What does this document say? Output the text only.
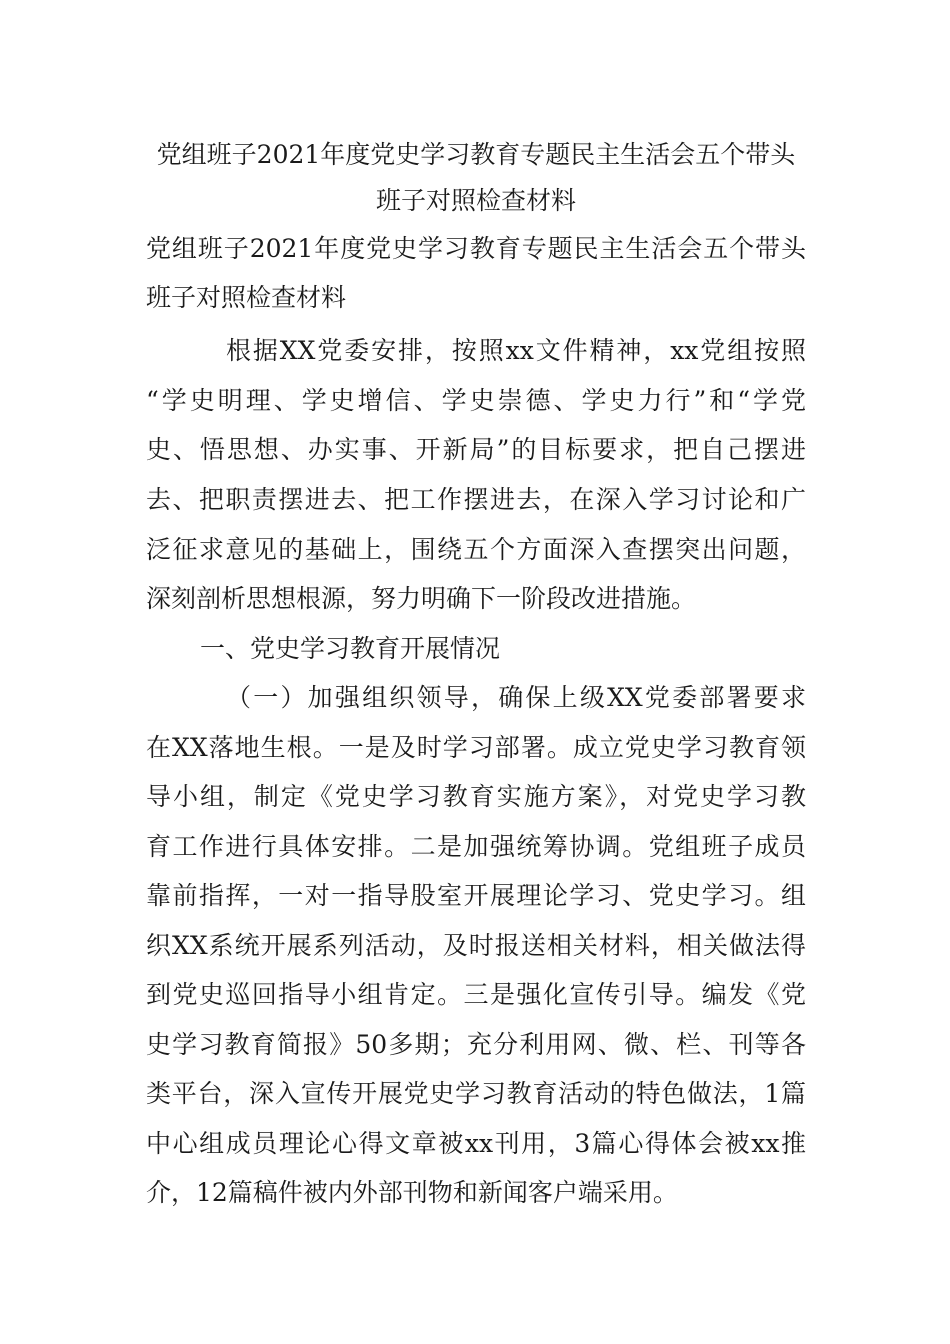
党组班子2021年度党史学习教育专题民主生活会五个带头
班子对照检查材料
党组班子2021年度党史学习教育专题民主生活会五个带头
班子对照检查材料
根据XX党委安排，按照xx文件精神，xx党组按照
“学史明理、学史增信、学史崇德、学史力行”和“学党
史、悟思想、办实事、开新局”的目标要求，把自己摆进
去、把职责摆进去、把工作摆进去，在深入学习讨论和广
泛征求意见的基础上，围绕五个方面深入查摆突出问题，
深刻剖析思想根源，努力明确下一阶段改进措施。
一、党史学习教育开展情况
（一）加强组织领导，确保上级XX党委部署要求
在XX落地生根。一是及时学习部署。成立党史学习教育领
导小组，制定《党史学习教育实施方案》，对党史学习教
育工作进行具体安排。二是加强统筹协调。党组班子成员
靠前指挥，一对一指导股室开展理论学习、党史学习。组
织XX系统开展系列活动，及时报送相关材料，相关做法得
到党史巡回指导小组肯定。三是强化宣传引导。编发《党
史学习教育简报》50多期；充分利用网、微、栏、刊等各
类平台，深入宣传开展党史学习教育活动的特色做法，1篇
中心组成员理论心得文章被xx刊用，3篇心得体会被xx推
介，12篇稿件被内外部刊物和新闻客户端采用。
